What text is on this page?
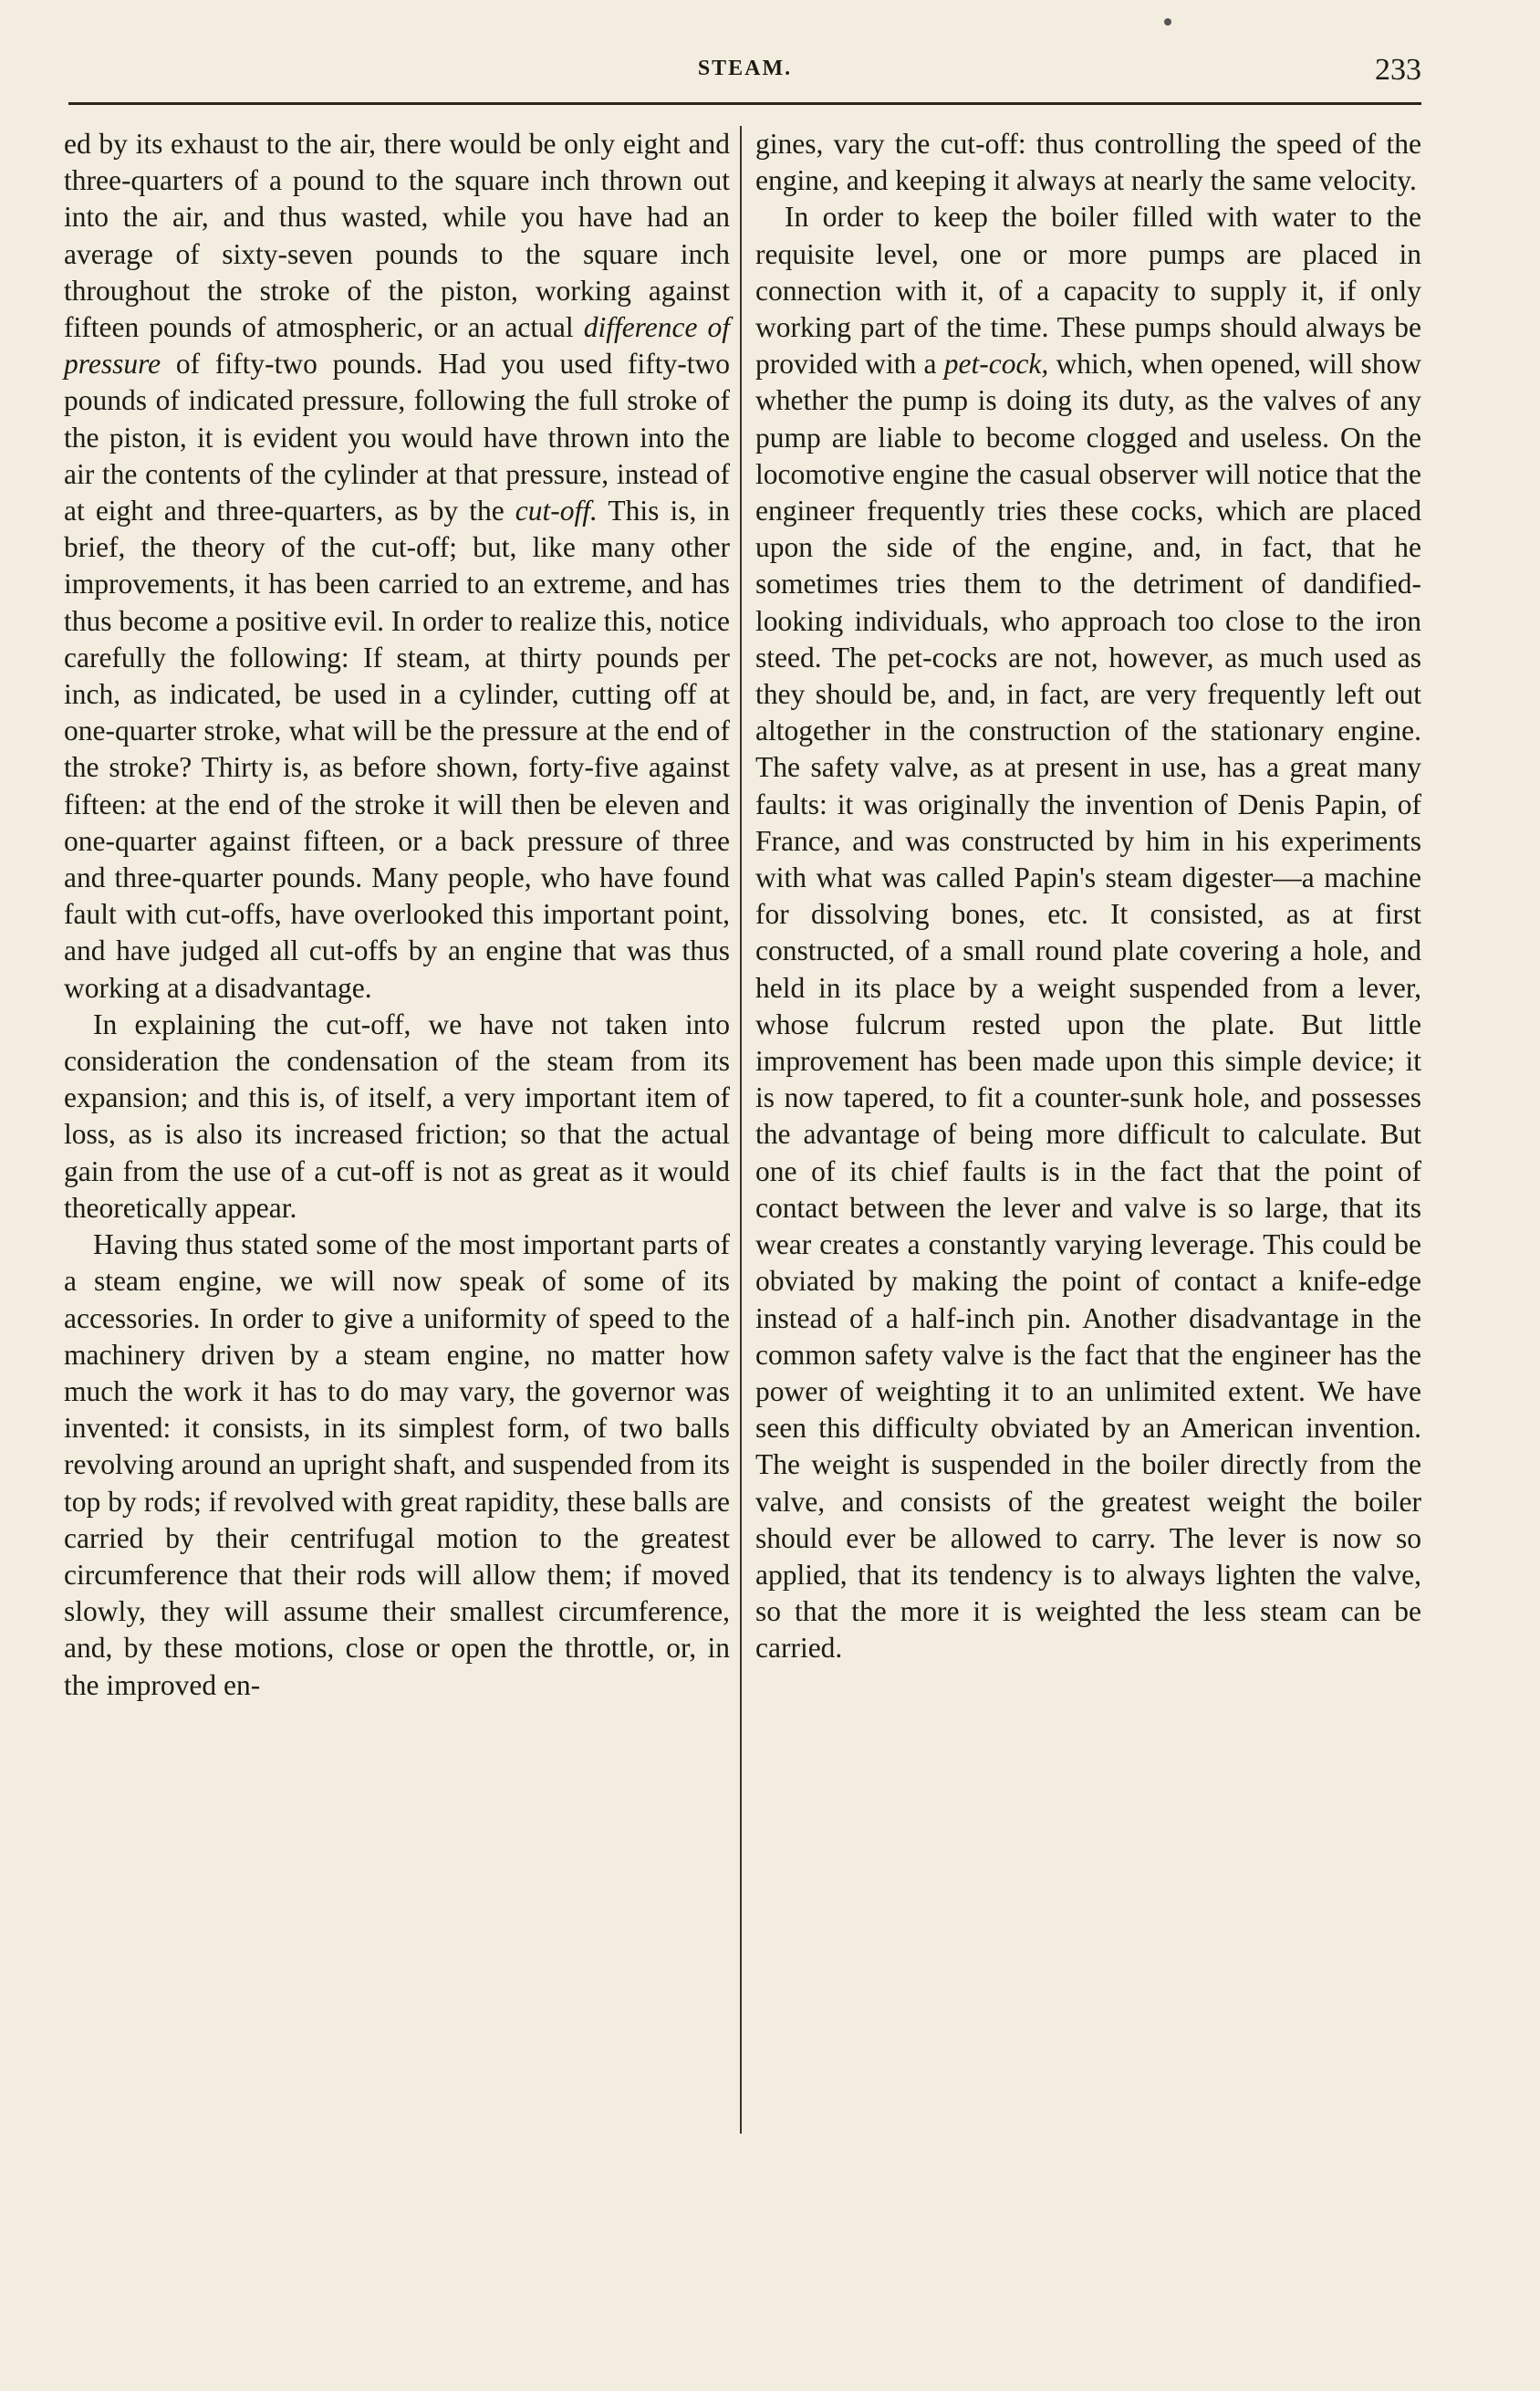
STEAM.	233

ed by its exhaust to the air, there would be only eight and three-quarters of a pound to the square inch thrown out into the air, and thus wasted, while you have had an average of sixty-seven pounds to the square inch throughout the stroke of the piston, working against fifteen pounds of atmospheric, or an actual difference of pressure of fifty-two pounds. Had you used fifty-two pounds of indicated pressure, following the full stroke of the piston, it is evident you would have thrown into the air the contents of the cylinder at that pressure, instead of at eight and three-quarters, as by the cut-off. This is, in brief, the theory of the cut-off; but, like many other improvements, it has been carried to an extreme, and has thus become a positive evil. In order to realize this, notice carefully the following: If steam, at thirty pounds per inch, as indicated, be used in a cylinder, cutting off at one-quarter stroke, what will be the pressure at the end of the stroke? Thirty is, as before shown, forty-five against fifteen: at the end of the stroke it will then be eleven and one-quarter against fifteen, or a back pressure of three and three-quarter pounds. Many people, who have found fault with cut-offs, have overlooked this important point, and have judged all cut-offs by an engine that was thus working at a disadvantage.

In explaining the cut-off, we have not taken into consideration the condensation of the steam from its expansion; and this is, of itself, a very important item of loss, as is also its increased friction; so that the actual gain from the use of a cut-off is not as great as it would theoretically appear.

Having thus stated some of the most important parts of a steam engine, we will now speak of some of its accessories. In order to give a uniformity of speed to the machinery driven by a steam engine, no matter how much the work it has to do may vary, the governor was invented: it consists, in its simplest form, of two balls revolving around an upright shaft, and suspended from its top by rods; if revolved with great rapidity, these balls are carried by their centrifugal motion to the greatest circumference that their rods will allow them; if moved slowly, they will assume their smallest circumference, and, by these motions, close or open the throttle, or, in the improved en-

gines, vary the cut-off: thus controlling the speed of the engine, and keeping it always at nearly the same velocity.

In order to keep the boiler filled with water to the requisite level, one or more pumps are placed in connection with it, of a capacity to supply it, if only working part of the time. These pumps should always be provided with a pet-cock, which, when opened, will show whether the pump is doing its duty, as the valves of any pump are liable to become clogged and useless. On the locomotive engine the casual observer will notice that the engineer frequently tries these cocks, which are placed upon the side of the engine, and, in fact, that he sometimes tries them to the detriment of dandified-looking individuals, who approach too close to the iron steed. The pet-cocks are not, however, as much used as they should be, and, in fact, are very frequently left out altogether in the construction of the stationary engine. The safety valve, as at present in use, has a great many faults: it was originally the invention of Denis Papin, of France, and was constructed by him in his experiments with what was called Papin's steam digester—a machine for dissolving bones, etc. It consisted, as at first constructed, of a small round plate covering a hole, and held in its place by a weight suspended from a lever, whose fulcrum rested upon the plate. But little improvement has been made upon this simple device; it is now tapered, to fit a counter-sunk hole, and possesses the advantage of being more difficult to calculate. But one of its chief faults is in the fact that the point of contact between the lever and valve is so large, that its wear creates a constantly varying leverage. This could be obviated by making the point of contact a knife-edge instead of a half-inch pin. Another disadvantage in the common safety valve is the fact that the engineer has the power of weighting it to an unlimited extent. We have seen this difficulty obviated by an American invention. The weight is suspended in the boiler directly from the valve, and consists of the greatest weight the boiler should ever be allowed to carry. The lever is now so applied, that its tendency is to always lighten the valve, so that the more it is weighted the less steam can be carried.
